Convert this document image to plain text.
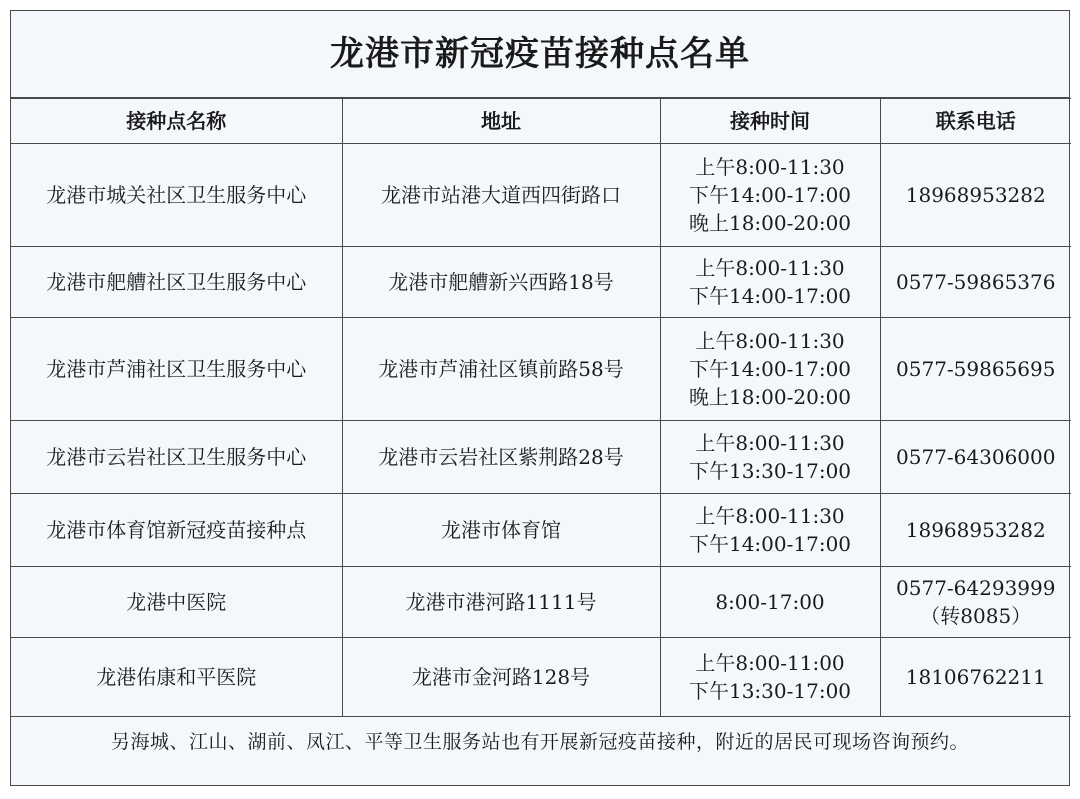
龙港市新冠疫苗接种点名单
接种点名称	地址	接种时间	联系电话
龙港市城关社区卫生服务中心	龙港市站港大道西四街路口	上午8:00-11:30
下午14:00-17:00
晚上18:00-20:00	18968953282

龙港市舥艚社区卫生服务中心	龙港市舥艚新兴西路18号	上午8:00-11:30
下午14:00-17:00	0577-59865376

龙港市芦浦社区卫生服务中心	龙港市芦浦社区镇前路58号	上午8:00-11:30
下午14:00-17:00
晚上18:00-20:00	0577-59865695

龙港市云岩社区卫生服务中心	龙港市云岩社区紫荆路28号	上午8:00-11:30
下午13:30-17:00	0577-64306000

龙港市体育馆新冠疫苗接种点	龙港市体育馆	上午8:00-11:30
下午14:00-17:00	18968953282

龙港中医院	龙港市港河路1111号	8:00-17:00	0577-64293999
（转8085）

龙港佑康和平医院	龙港市金河路128号	上午8:00-11:00
下午13:30-17:00	18106762211
另海城、江山、湖前、凤江、平等卫生服务站也有开展新冠疫苗接种，附近的居民可现场咨询预约。
